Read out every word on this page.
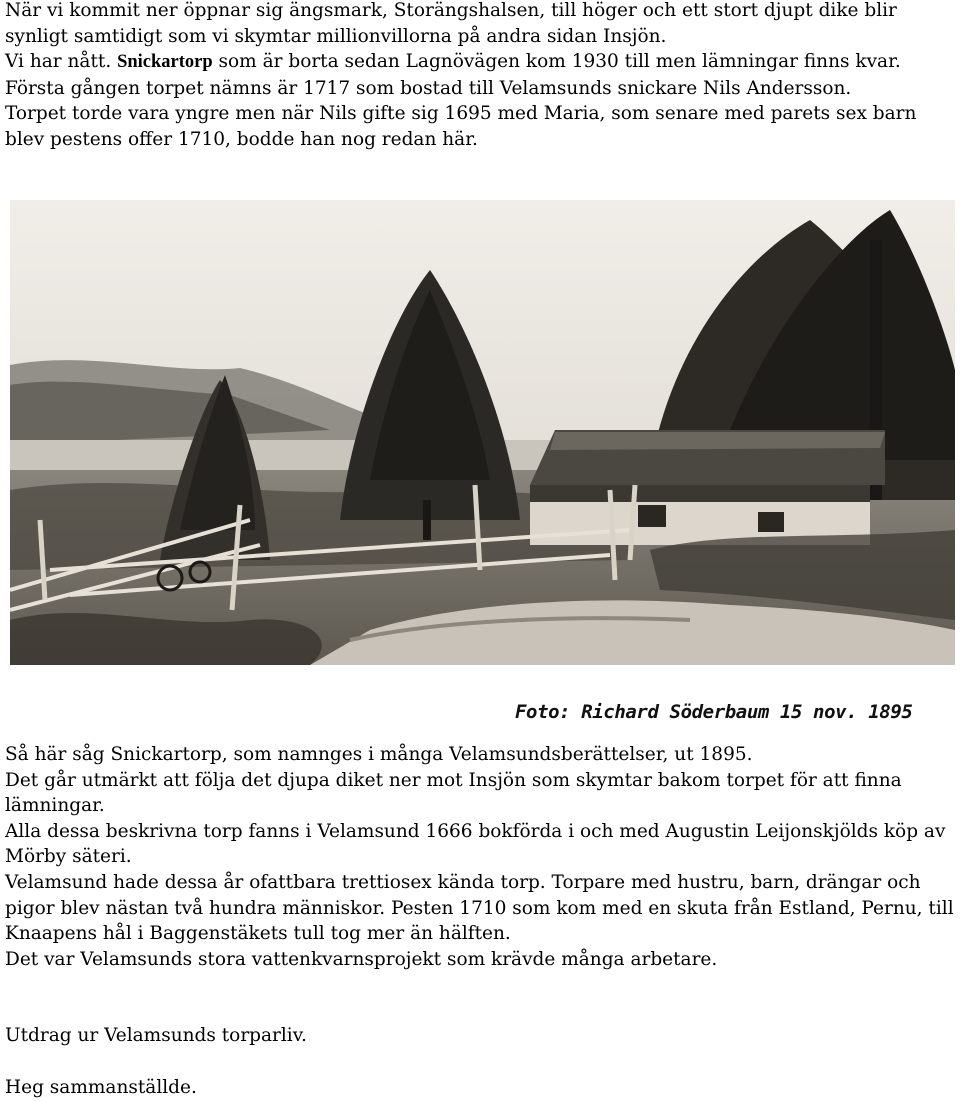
När vi kommit ner öppnar sig ängsmark, Storängshalsen, till höger och ett stort djupt dike blir synligt samtidigt som vi skymtar millionvillorna på andra sidan Insjön.

Vi har nått. Snickartorp som är borta sedan Lagnövägen kom 1930 till men lämningar finns kvar.

Första gången torpet nämns är 1717 som bostad till Velamsunds snickare Nils Andersson.

Torpet torde vara yngre men när Nils gifte sig 1695 med Maria, som senare med parets sex barn blev pestens offer 1710, bodde han nog redan här.

Foto: Richard Söderbaum 15 nov. 1895

Så här såg Snickartorp, som namnges i många Velamsundsberättelser, ut 1895.

Det går utmärkt att följa det djupa diket ner mot Insjön som skymtar bakom torpet för att finna lämningar.

Alla dessa beskrivna torp fanns i Velamsund 1666 bokförda i och med Augustin Leijonskjölds köp av Mörby säteri.

Velamsund hade dessa år ofattbara trettiosex kända torp. Torpare med hustru, barn, drängar och pigor blev nästan två hundra människor. Pesten 1710 som kom med en skuta från Estland, Pernu, till Knaapens hål i Baggenstäkets tull tog mer än hälften.

Det var Velamsunds stora vattenkvarnsprojekt som krävde många arbetare.

Utdrag ur Velamsunds torparliv.

Heg sammanställde.
